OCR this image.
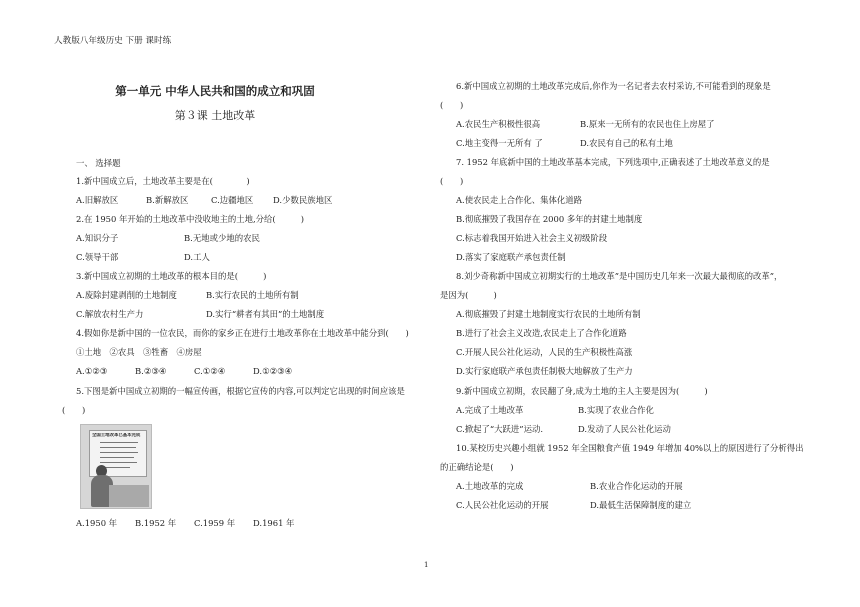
人教版八年级历史 下册 课时练
第一单元 中华人民共和国的成立和巩固
第３课 土地改革
一、 选择题
1.新中国成立后，土地改革主要是在(　　　　)
A.旧解放区	B.新解放区	C.边疆地区 D.少数民族地区
2.在 1950 年开始的土地改革中没收地主的土地,分给(　　　)
A.知识分子	B.无地或少地的农民
C.领导干部	D.工人
3.新中国成立初期的土地改革的根本目的是(　　　)
A.废除封建剥削的土地制度	B.实行农民的土地所有制
C.解放农村生产力	D.实行“耕者有其田”的土地制度
4.假如你是新中国的一位农民，而你的家乡正在进行土地改革你在土地改革中能分到(　　)
①土地　②农具　③牲畜　④房屋
A.①②③	B.②③④	C.①②④	D.①②③④
5.下图是新中国成立初期的一幅宣传画，根据它宣传的内容,可以判定它出现的时间应该是
(　　)
全国土地改革已基本完成
A.1950 年 B.1952 年 C.1959 年 D.1961 年
6.新中国成立初期的土地改革完成后,你作为一名记者去农村采访,不可能看到的现象是
(　　)
A.农民生产积极性很高	B.原来一无所有的农民也住上房屋了
C.地主变得一无所有 了	D.农民有自己的私有土地
7. 1952 年底新中国的土地改革基本完成，下列选项中,正确表述了土地改革意义的是
(　　)
A.使农民走上合作化、集体化道路
B.彻底摧毁了我国存在 2000 多年的封建土地制度
C.标志着我国开始进入社会主义初级阶段
D.落实了家庭联产承包责任制
8.刘少奇称新中国成立初期实行的土地改革”是中国历史几年来一次最大最彻底的改革”，
是因为(　　　)
A.彻底摧毁了封建土地制度实行农民的土地所有制
B.进行了社会主义改造,农民走上了合作化道路
C.开展人民公社化运动，人民的生产积极性高涨
D.实行家庭联产承包责任制极大地解放了生产力
9.新中国成立初期，农民翻了身,成为土地的主人主要是因为(　　　)
A.完成了土地改革	B.实现了农业合作化
C.掀起了“大跃进”运动.	D.发动了人民公社化运动
10.某校历史兴趣小组就 1952 年全国粮食产值 1949 年增加 40%以上的原因进行了分析得出
的正确结论是(　　)
A.土地改革的完成	B.农业合作化运动的开展
C.人民公社化运动的开展	D.最低生活保障制度的建立
1
